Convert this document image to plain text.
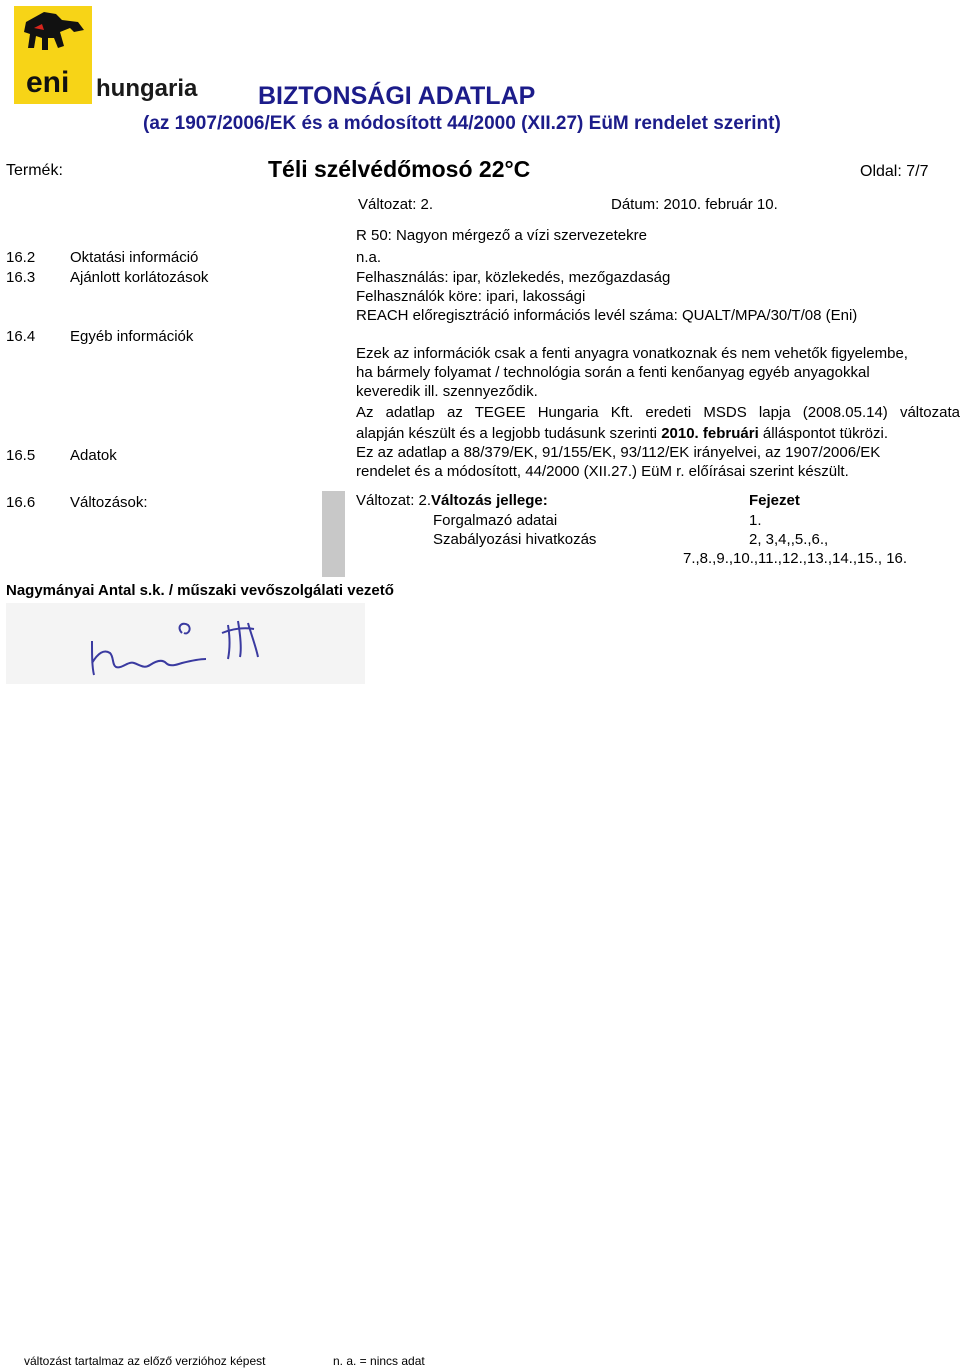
eni hungaria BIZTONSÁGI ADATLAP
(az 1907/2006/EK és a módosított 44/2000 (XII.27) EüM rendelet szerint)
Termék:	Téli szélvédőmosó 22°C	Oldal: 7/7
Változat: 2.	Dátum: 2010. február 10.
R 50: Nagyon mérgező a vízi szervezetekre
16.2 Oktatási információ	n.a.
16.3 Ajánlott korlátozások	Felhasználás: ipar, közlekedés, mezőgazdaság
Felhasználók köre: ipari, lakossági
REACH előregisztráció információs levél száma: QUALT/MPA/30/T/08 (Eni)
16.4 Egyéb információk
Ezek az információk csak a fenti anyagra vonatkoznak és nem vehetők figyelembe,
ha bármely folyamat / technológia során a fenti kenőanyag egyéb anyagokkal
keveredik ill. szennyeződik.
Az adatlap az TEGEE Hungaria Kft. eredeti MSDS lapja (2008.05.14) változata
alapján készült és a legjobb tudásunk szerinti 2010. februári álláspontot tükrözi.
16.5 Adatok	Ez az adatlap a 88/379/EK, 91/155/EK, 93/112/EK irányelvei, az 1907/2006/EK
rendelet és a módosított, 44/2000 (XII.27.) EüM r. előírásai szerint készült.
16.6 Változások:	Változat: 2.Változás jellege:	Fejezet
Forgalmazó adatai	1.
Szabályozási hivatkozás	2, 3,4,,5.,6.,
7.,8.,9.,10.,11.,12.,13.,14.,15., 16.
Nagymányai Antal s.k. / műszaki vevőszolgálati vezető
változást tartalmaz az előző verzióhoz képest	n. a. = nincs adat
